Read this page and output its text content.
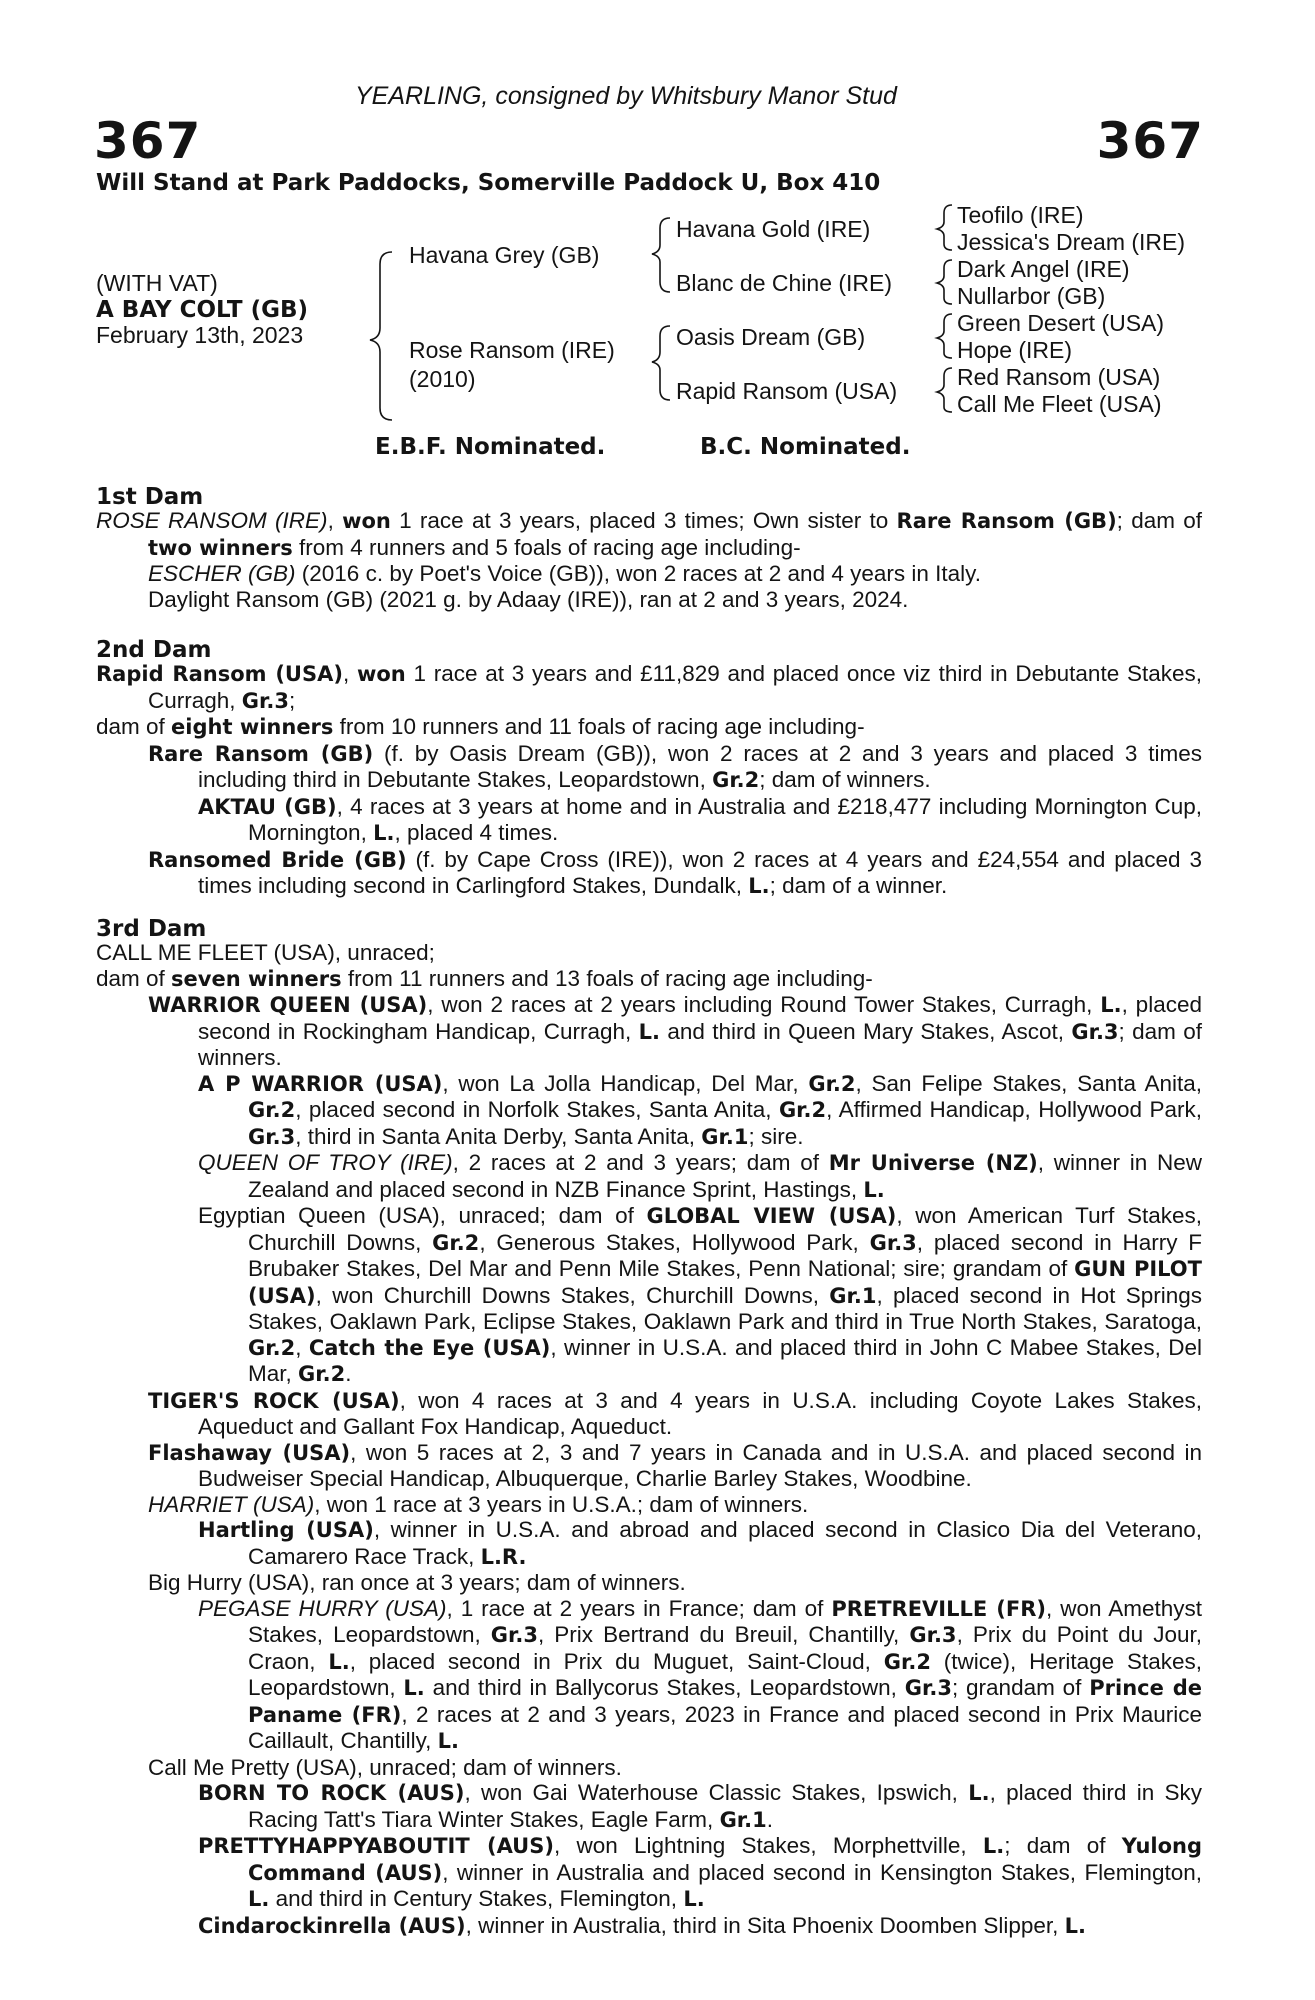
367	367
YEARLING, consigned by Whitsbury Manor Stud
Will Stand at Park Paddocks, Somerville Paddock U, Box 410
(WITH VAT)
A BAY COLT (GB)
February 13th, 2023
Havana Grey (GB)
Rose Ransom (IRE)
(2010)
Havana Gold (IRE)
Blanc de Chine (IRE)
Oasis Dream (GB)
Rapid Ransom (USA)
Teofilo (IRE)
Jessica's Dream (IRE)
Dark Angel (IRE)
Nullarbor (GB)
Green Desert (USA)
Hope (IRE)
Red Ransom (USA)
Call Me Fleet (USA)
E.B.F. Nominated.	B.C. Nominated.
1st Dam

ROSE RANSOM (IRE), won 1 race at 3 years, placed 3 times; Own sister to Rare Ransom (GB); dam of two winners from 4 runners and 5 foals of racing age including-

ESCHER (GB) (2016 c. by Poet's Voice (GB)), won 2 races at 2 and 4 years in Italy.

Daylight Ransom (GB) (2021 g. by Adaay (IRE)), ran at 2 and 3 years, 2024.

2nd Dam

Rapid Ransom (USA), won 1 race at 3 years and £11,829 and placed once viz third in Debutante Stakes, Curragh, Gr.3;

dam of eight winners from 10 runners and 11 foals of racing age including-

Rare Ransom (GB) (f. by Oasis Dream (GB)), won 2 races at 2 and 3 years and placed 3 times including third in Debutante Stakes, Leopardstown, Gr.2; dam of winners.

AKTAU (GB), 4 races at 3 years at home and in Australia and £218,477 including Mornington Cup, Mornington, L., placed 4 times.

Ransomed Bride (GB) (f. by Cape Cross (IRE)), won 2 races at 4 years and £24,554 and placed 3 times including second in Carlingford Stakes, Dundalk, L.; dam of a winner.

3rd Dam

CALL ME FLEET (USA), unraced;

dam of seven winners from 11 runners and 13 foals of racing age including-

WARRIOR QUEEN (USA), won 2 races at 2 years including Round Tower Stakes, Curragh, L., placed second in Rockingham Handicap, Curragh, L. and third in Queen Mary Stakes, Ascot, Gr.3; dam of winners.

A P WARRIOR (USA), won La Jolla Handicap, Del Mar, Gr.2, San Felipe Stakes, Santa Anita, Gr.2, placed second in Norfolk Stakes, Santa Anita, Gr.2, Affirmed Handicap, Hollywood Park, Gr.3, third in Santa Anita Derby, Santa Anita, Gr.1; sire.

QUEEN OF TROY (IRE), 2 races at 2 and 3 years; dam of Mr Universe (NZ), winner in New Zealand and placed second in NZB Finance Sprint, Hastings, L.

Egyptian Queen (USA), unraced; dam of GLOBAL VIEW (USA), won American Turf Stakes, Churchill Downs, Gr.2, Generous Stakes, Hollywood Park, Gr.3, placed second in Harry F Brubaker Stakes, Del Mar and Penn Mile Stakes, Penn National; sire; grandam of GUN PILOT (USA), won Churchill Downs Stakes, Churchill Downs, Gr.1, placed second in Hot Springs Stakes, Oaklawn Park, Eclipse Stakes, Oaklawn Park and third in True North Stakes, Saratoga, Gr.2, Catch the Eye (USA), winner in U.S.A. and placed third in John C Mabee Stakes, Del Mar, Gr.2.

TIGER'S ROCK (USA), won 4 races at 3 and 4 years in U.S.A. including Coyote Lakes Stakes, Aqueduct and Gallant Fox Handicap, Aqueduct.

Flashaway (USA), won 5 races at 2, 3 and 7 years in Canada and in U.S.A. and placed second in Budweiser Special Handicap, Albuquerque, Charlie Barley Stakes, Woodbine.

HARRIET (USA), won 1 race at 3 years in U.S.A.; dam of winners.

Hartling (USA), winner in U.S.A. and abroad and placed second in Clasico Dia del Veterano, Camarero Race Track, L.R.

Big Hurry (USA), ran once at 3 years; dam of winners.

PEGASE HURRY (USA), 1 race at 2 years in France; dam of PRETREVILLE (FR), won Amethyst Stakes, Leopardstown, Gr.3, Prix Bertrand du Breuil, Chantilly, Gr.3, Prix du Point du Jour, Craon, L., placed second in Prix du Muguet, Saint-Cloud, Gr.2 (twice), Heritage Stakes, Leopardstown, L. and third in Ballycorus Stakes, Leopardstown, Gr.3; grandam of Prince de Paname (FR), 2 races at 2 and 3 years, 2023 in France and placed second in Prix Maurice Caillault, Chantilly, L.

Call Me Pretty (USA), unraced; dam of winners.

BORN TO ROCK (AUS), won Gai Waterhouse Classic Stakes, Ipswich, L., placed third in Sky Racing Tatt's Tiara Winter Stakes, Eagle Farm, Gr.1.

PRETTYHAPPYABOUTIT (AUS), won Lightning Stakes, Morphettville, L.; dam of Yulong Command (AUS), winner in Australia and placed second in Kensington Stakes, Flemington, L. and third in Century Stakes, Flemington, L.

Cindarockinrella (AUS), winner in Australia, third in Sita Phoenix Doomben Slipper, L.
